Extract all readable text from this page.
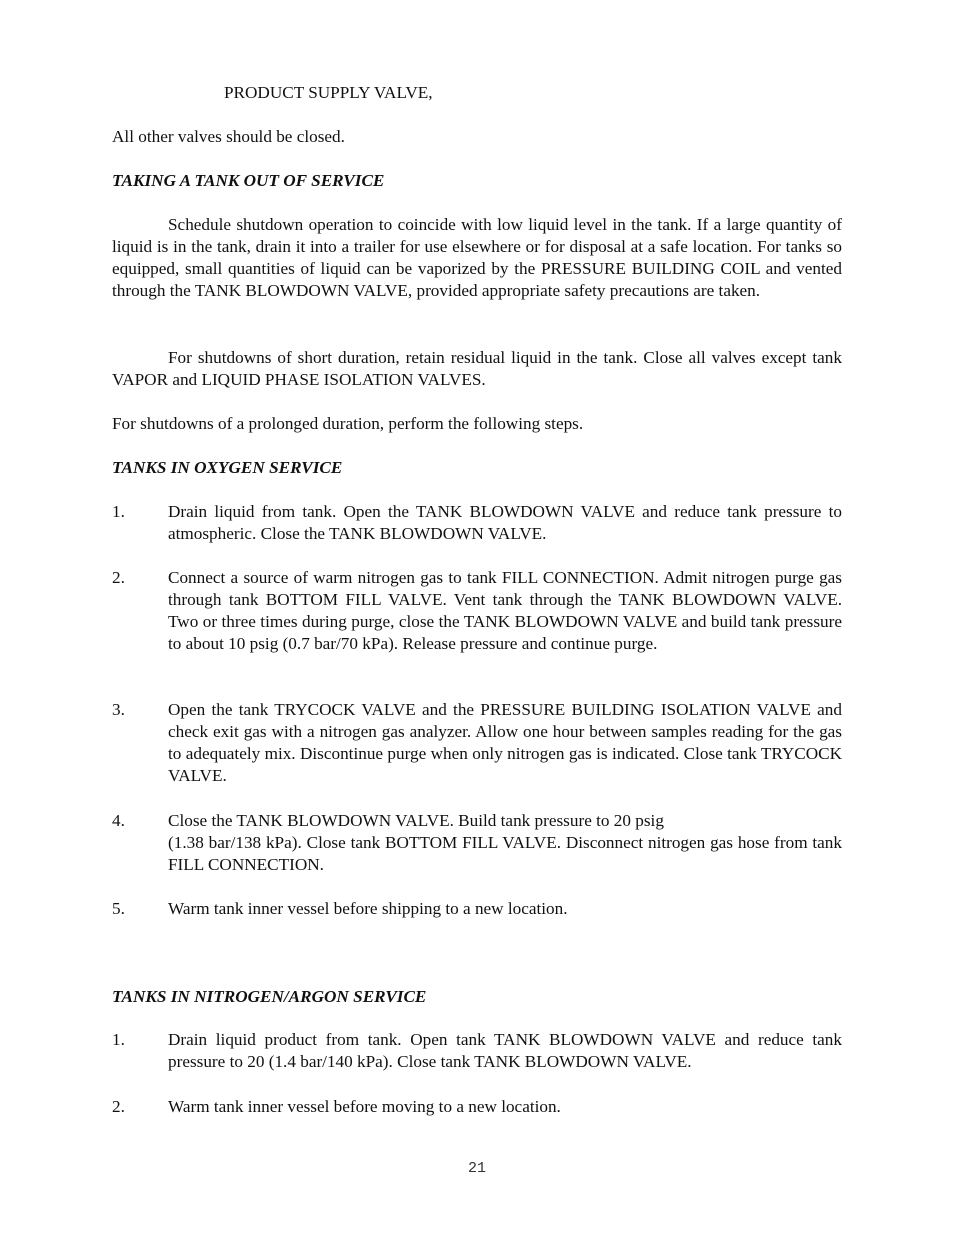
PRODUCT SUPPLY VALVE,

All other valves should be closed.

TAKING A TANK OUT OF SERVICE

Schedule shutdown operation to coincide with low liquid level in the tank. If a large quantity of liquid is in the tank, drain it into a trailer for use elsewhere or for disposal at a safe location. For tanks so equipped, small quantities of liquid can be vaporized by the PRESSURE BUILDING COIL and vented through the TANK BLOWDOWN VALVE, provided appropriate safety precautions are taken.

For shutdowns of short duration, retain residual liquid in the tank. Close all valves except tank VAPOR and LIQUID PHASE ISOLATION VALVES.

For shutdowns of a prolonged duration, perform the following steps.

TANKS IN OXYGEN SERVICE

1.	Drain liquid from tank. Open the TANK BLOWDOWN VALVE and reduce tank pressure to atmospheric. Close the TANK BLOWDOWN VALVE.
2.	Connect a source of warm nitrogen gas to tank FILL CONNECTION. Admit nitrogen purge gas through tank BOTTOM FILL VALVE. Vent tank through the TANK BLOWDOWN VALVE. Two or three times during purge, close the TANK BLOWDOWN VALVE and build tank pressure to about 10 psig (0.7 bar/70 kPa). Release pressure and continue purge.
3.	Open the tank TRYCOCK VALVE and the PRESSURE BUILDING ISOLATION VALVE and check exit gas with a nitrogen gas analyzer. Allow one hour between samples reading for the gas to adequately mix. Discontinue purge when only nitrogen gas is indicated. Close tank TRYCOCK VALVE.
4.	Close the TANK BLOWDOWN VALVE. Build tank pressure to 20 psig
(1.38 bar/138 kPa). Close tank BOTTOM FILL VALVE. Disconnect nitrogen gas hose from tank FILL CONNECTION.
5.	Warm tank inner vessel before shipping to a new location.

TANKS IN NITROGEN/ARGON SERVICE

1.	Drain liquid product from tank. Open tank TANK BLOWDOWN VALVE and reduce tank pressure to 20 (1.4 bar/140 kPa). Close tank TANK BLOWDOWN VALVE.
2.	Warm tank inner vessel before moving to a new location.
21
